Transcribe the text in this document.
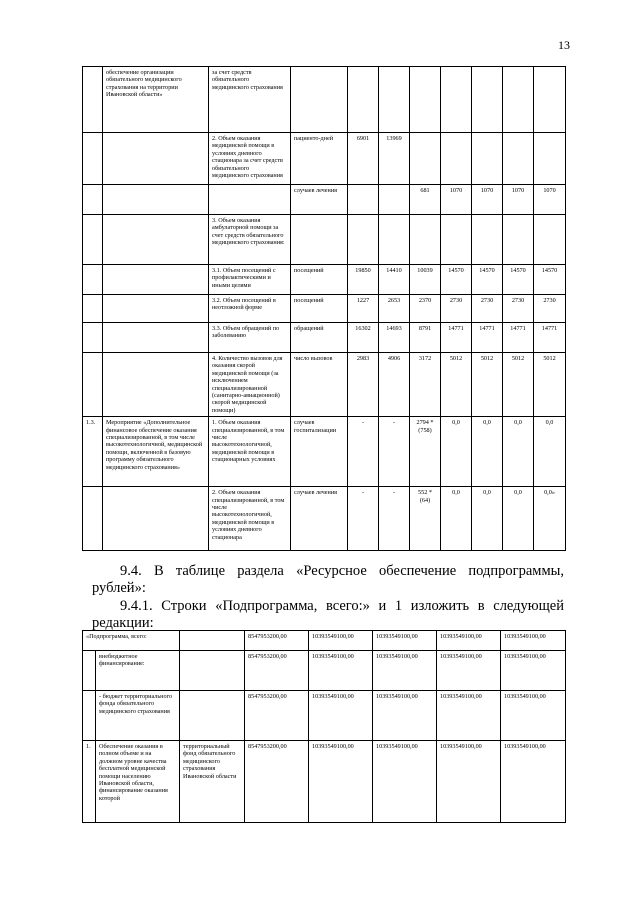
13
	обеспечение организации обязательного медицинского страхования на территории Ивановской области»	за счет средств обязательного медицинского страхования								
		2. Объем оказания медицинской помощи в условиях дневного стационара за счет средств обязательного медицинского страхования	пациенто-дней	6901	13969					
			случаев лечения			681	1070	1070	1070	1070
		3. Объем оказания амбулаторной помощи за счет средств обязательного медицинского страхования:								
		3.1. Объем посещений с профилактическими и иными целями	посещений	19850	14410	10039	14570	14570	14570	14570
		3.2. Объем посещений в неотложной форме	посещений	1227	2653	2370	2730	2730	2730	2730
		3.3. Объем обращений по заболеванию	обращений	16302	14693	8791	14771	14771	14771	14771
		4. Количество вызовов для оказания скорой медицинской помощи (за исключением специализированной (санитарно-авиационной) скорой медицинской помощи)	число вызовов	2983	4906	3172	5012	5012	5012	5012
1.3.	Мероприятие «Дополнительное финансовое обеспечение оказания специализированной, в том числе высокотехнологичной, медицинской помощи, включенной в базовую программу обязательного медицинского страхования»	1. Объем оказания специализированной, в том числе высокотехнологичной, медицинской помощи в стационарных условиях	случаев госпитализации	-	-	2794 * (758)	0,0	0,0	0,0	0,0
		2. Объем оказания специализированной, в том числе высокотехнологичной, медицинской помощи в условиях дневного стационара	случаев лечения	-	-	552 * (64)	0,0	0,0	0,0	0,0»
9.4. В таблице раздела «Ресурсное обеспечение подпрограммы, рублей»:
9.4.1. Строки «Подпрограмма, всего:» и 1 изложить в следующей редакции:
«Подпрограмма, всего:			8547953200,00	10393549100,00	10393549100,00	10393549100,00	10393549100,00
	внебюджетное финансирование:		8547953200,00	10393549100,00	10393549100,00	10393549100,00	10393549100,00
	- бюджет территориального фонда обязательного медицинского страхования		8547953200,00	10393549100,00	10393549100,00	10393549100,00	10393549100,00
1.	Обеспечение оказания в полном объеме и на должном уровне качества бесплатной медицинской помощи населению Ивановской области, финансирование оказания которой	территориальный фонд обязательного медицинского страхования Ивановской области	8547953200,00	10393549100,00	10393549100,00	10393549100,00	10393549100,00
